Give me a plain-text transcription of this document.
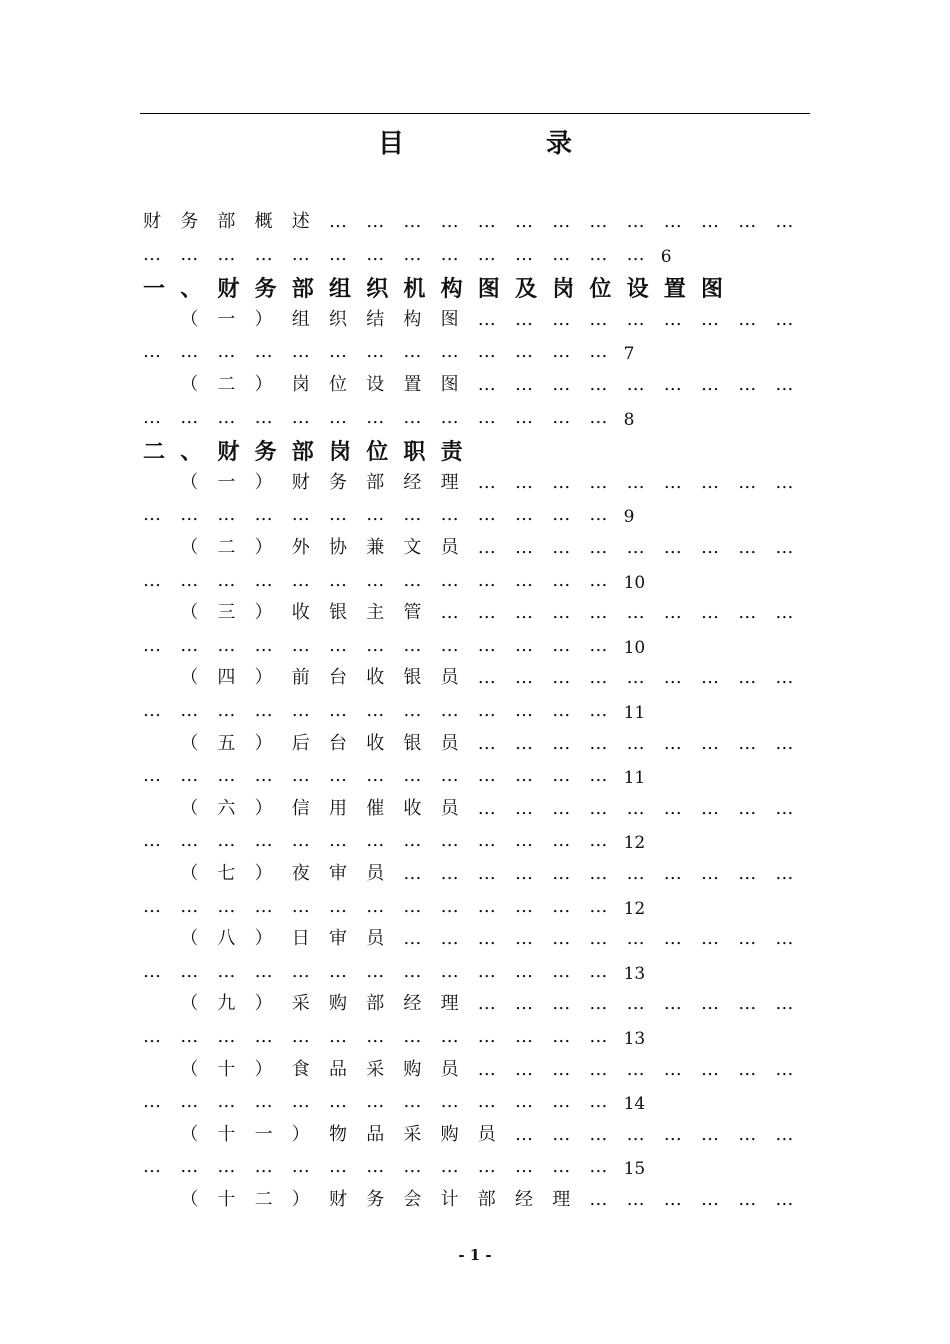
目　录
财 务 部 概 述 … … … … … … … … … … … … …
… … … … … … … … … … … … … … 6
一、财务部组织机构图及岗位设置图
（ 一 ） 组 织 结 构 图 … … … … … … … … …
… … … … … … … … … … … … … 7
（ 二 ） 岗 位 设 置 图 … … … … … … … … …
… … … … … … … … … … … … … 8
二、财务部岗位职责
（ 一 ） 财 务 部 经 理 … … … … … … … … …
… … … … … … … … … … … … … 9
（ 二 ） 外 协 兼 文 员 … … … … … … … … …
… … … … … … … … … … … … … 10
（ 三 ） 收 银 主 管 … … … … … … … … … …
… … … … … … … … … … … … … 10
（ 四 ） 前 台 收 银 员 … … … … … … … … …
… … … … … … … … … … … … … 11
（ 五 ） 后 台 收 银 员 … … … … … … … … …
… … … … … … … … … … … … … 11
（ 六 ） 信 用 催 收 员 … … … … … … … … …
… … … … … … … … … … … … … 12
（ 七 ） 夜 审 员 … … … … … … … … … … …
… … … … … … … … … … … … … 12
（ 八 ） 日 审 员 … … … … … … … … … … …
… … … … … … … … … … … … … 13
（ 九 ） 采 购 部 经 理 … … … … … … … … …
… … … … … … … … … … … … … 13
（ 十 ） 食 品 采 购 员 … … … … … … … … …
… … … … … … … … … … … … … 14
（ 十 一 ） 物 品 采 购 员 … … … … … … … …
… … … … … … … … … … … … … 15
（ 十 二 ） 财 务 会 计 部 经 理 … … … … … …
- 1 -
